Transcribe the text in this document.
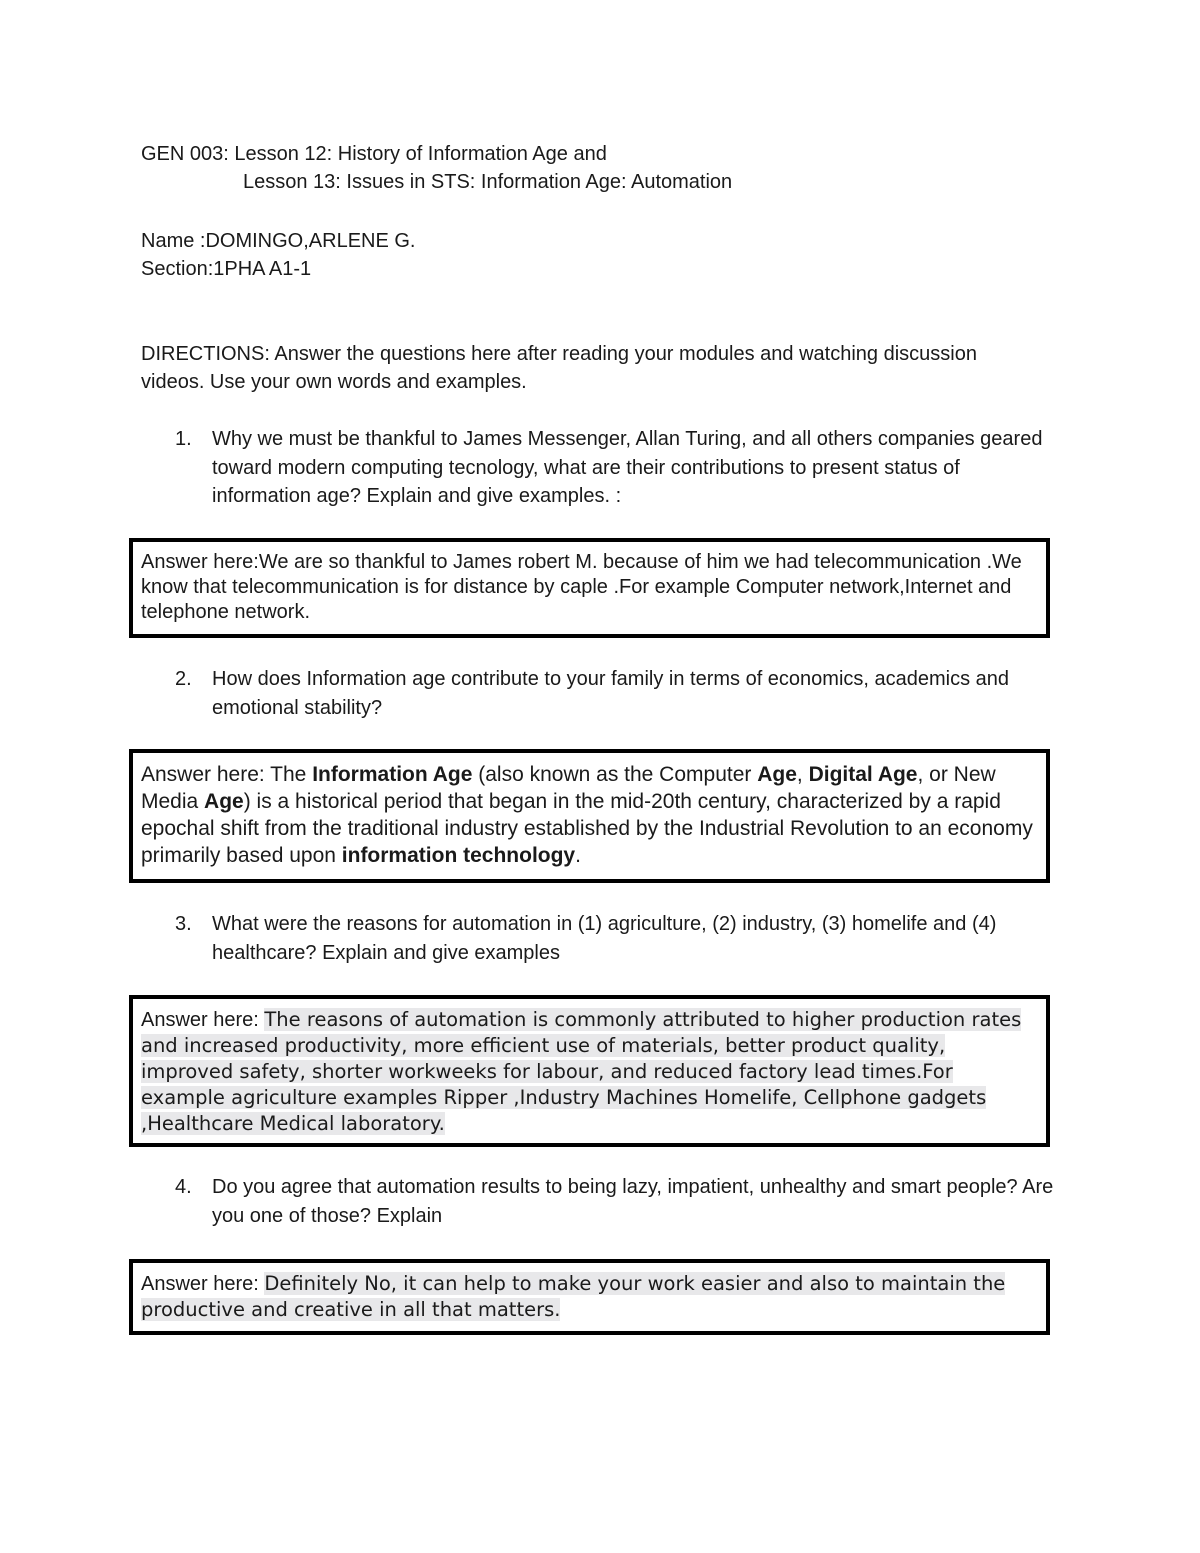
GEN 003: Lesson 12: History of Information Age and
Lesson 13: Issues in STS: Information Age: Automation
Name :DOMINGO,ARLENE G.
Section:1PHA A1-1
DIRECTIONS: Answer the questions here after reading your modules and watching discussion
videos. Use your own words and examples.
1.	Why we must be thankful to James Messenger, Allan Turing, and all others companies geared toward modern computing tecnology, what are their contributions to present status of information age? Explain and give examples. :
Answer here:We are so thankful to James robert M. because of him we had telecommunication .We know that telecommunication is for distance by caple .For example Computer network,Internet and telephone network.
2.	How does Information age contribute to your family in terms of economics, academics and emotional stability?
Answer here: The Information Age (also known as the Computer Age, Digital Age, or New Media Age) is a historical period that began in the mid-20th century, characterized by a rapid epochal shift from the traditional industry established by the Industrial Revolution to an economy primarily based upon information technology.
3.	What were the reasons for automation in (1) agriculture, (2) industry, (3) homelife and (4) healthcare? Explain and give examples
Answer here: The reasons of automation is commonly attributed to higher production rates and increased productivity, more efficient use of materials, better product quality, improved safety, shorter workweeks for labour, and reduced factory lead times.For example agriculture examples Ripper ,Industry Machines Homelife, Cellphone gadgets ,Healthcare Medical laboratory.
4.	Do you agree that automation results to being lazy, impatient, unhealthy and smart people? Are you one of those? Explain
Answer here: Definitely No, it can help to make your work easier and also to maintain the productive and creative in all that matters.
